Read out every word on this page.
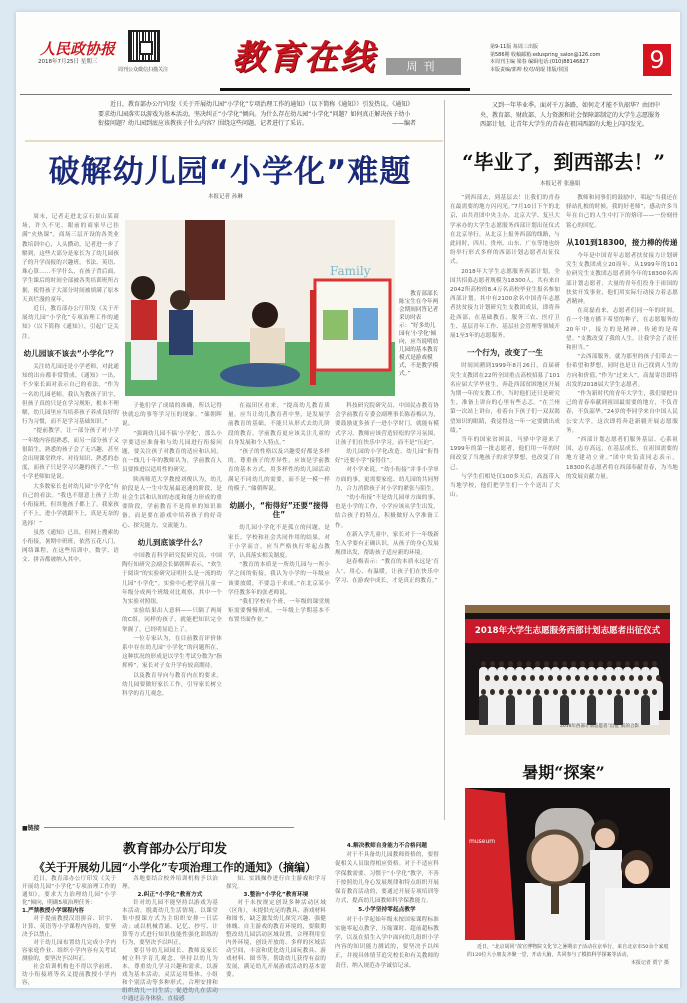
人民政协报
2018年7月25日 星期三
周刊公众微信扫描关注 教育在线	周刊
第9-11版 每周三出版
第586期 收稿邮箱:eduspring_salon@126.com
本周刊主编 梁春 编辑电话:(010)88146827
本版责编/郭帅 校对/胡琨 排版/侯国	9
近日，教育部办公厅印发《关于开展幼儿园“小学化”专项治理工作的通知》（以下简称《通知》）引发热议。《通知》要求幼儿园落实以游戏为基本活动，坚决纠正“小学化”倾向。为什么存在幼儿园“小学化”问题？如何真正解决孩子幼小衔接问题？幼儿园到底应该教孩子什么内容？围绕这些问题，记者进行了采访。	——编者
又到一年毕业季。面对千万条路，如何走才能不负韶华？由团中央、教育部、财政部、人力资源和社会保障部制定的大学生志愿服务西部计划，让青年大学生的青春在祖国西部的大地上闪闪发光。
破解幼儿园“小学化”难题
本报记者 孙琳
Family
教育部部长陈宝生在今年两会期间回答记者采访时表示：“好多幼儿园有‘小学化’倾向，应当说明幼儿园的基本教育模式是游戏模式，不是教学模式。”

周末，记者走进北京石景山某商场，许久不见，眼前的商家早已挂满“火热课”，商场三层开设的各类业教培训中心，人头攒动，记者进一步了解到，这些大部分是家长为了幼儿园孩子的升学而报的兴趣班，书法、英语、珠心算……不学什么，在孩子背后面，学生课后的时间全部被各类培训班所占据，使得孩子大部分时间被填满了原本天真烂漫的童年。

近日，教育部办公厅印发《关于开展幼儿园“小学化”专项治理工作的通知》（以下简称《通知》），引起广泛关注。

幼儿园该不该去“小学化”？

关注幼儿园还是小学老师，对此通知的出台都非常赞成。《通知》一出，不少家长面对表示自己的看法。“作为一名幼儿园老师，我认为教孩子识字，但孩子真的只是在学习规矩，根本不理解，幼儿园里应当培养孩子养成良好的行为习惯，而不是学习基础知识。”

“提前教学，让一部分孩子对小学一年级内容很熟悉，而另一部分孩子又很陌生，熟悉的孩子会了无兴趣，甚至会出现课堂秩序、对待知识、熟悉的态度，而孩子只是学习兴趣的孩子。”一位小学老师如是说。

大多数家长也对幼儿园“小学化”有自己的看法。“我也不愿意上孩子上幼小衔接班，但其他孩子都上了，我家孩子不上，进小学就跟不上，真是无奈的选择！”

虽然《通知》已出，但网上搜索幼小衔接，暑期中班班，依然五花八门，网络课程，在这些培训中，数学、语文、拼音都被纳入其中。

子他们学了成绩的准确，所以记得快就忘的事等学习压的现象。“储朝晖说。

“强调幼儿园不搞‘小学化’，那么小学要适应准备和与幼儿园进行衔接问题，要关注孩子对教育的适应和认同，在一线几十年的教师认为，学前教育人员要推进以适用性的研究。

陕西师范大学教授刘俊认为，幼儿阶段是人一生中发展最迅速的阶段，是社会生活和认知的态度和能力形成的重要阶段，学前教育不是简单的知识准备，而是要在游戏中培养孩子的好奇心、探究能力、交流能力。

幼儿到底该学什么？

中国教育科学研究院研究员、中国陶行知研究会副会长储朝晖表示，“欢生于阅读”的实验研究证明什么是一流的幼儿园“小学化”。实验中心把学前儿童一年级分成两个班级对比观察，其中一个为实验对照组。

实验结果出人意料——只隔了两周的C组，同样的孩子，就能把知识完全掌握了，已经明显追上了。

一位专家认为，在目前教育评价体系中存在幼儿园“小学化”的问题所在，这种状况的形成是以学生考试分数为“指挥棒”，家长对子女升学有较高期待。

以及教育导向与教育内在的要求，幼儿园要做好家长工作，引导家长树立科学的育儿观念。

在福田区看来，“提高幼儿教育质量，应当让幼儿教育者中坚，是发展学前教育的基础，不能只从形式去幼儿阶段的教育，学前教育更应该关注儿童的自身发展和个人特点。”

“孩子的性格以及兴趣爱好都是多样的。尊重孩子的差异性，应该是学前教育的基本方式，用多样性的幼儿园活动满足不同幼儿的需要，而不是一模一样的模子。”储朝晖说。

幼剧小，“衔得好”还要“接得住”

幼儿园小学化不是孤立的问题，是家长、学校和社会共同作用的结果。对于小学而言，应当严格执行零起点教学，认真落实相关制度。

“教育的本质是一所幼儿园与一所小学之间的衔接，我认为小学的一年级应该要放缓，不要急于求成。”在北京某小学任教多年的张老师说。

“我们学校有个班，一年级的课堂规矩需要慢慢形成，一年级上学期基本不布置书面作业。”

科技研究院研究员、中国民办教育协会学前教育专委会副理事长陈春梅认为，要鼓励更多孩子一进小学时门，就能有模式学习。教师应该营造轻松的学习氛围，让孩子们在快乐中学习，而不是“压迫”。

幼儿园的小学化改造，幼儿园“衔得好”还要小学“接得住”。

对小学来说，“幼小衔接”并非小学单方面的事，更需要家庭、幼儿园的共同努力，合力消除孩子对小学的紧张与陌生。

“幼小衔接”不是幼儿园单方面的事，也是小学的工作，小学应该从学生出发，结合孩子的特点，积极做好入学准备工作。

在新入学儿童中，家长对于一年级新生入学要有正确认识，从孩子的身心发展规律出发，帮助孩子适应新的环境。

赵春梅表示：“教育的本质永远是‘育人’，用心、有温暖，让孩子们在快乐中学习、在游戏中成长，才是真正的教育。”

■链接
教育部办公厅印发
《关于开展幼儿园“小学化”专项治理工作的通知》（摘编）

近日，教育部办公厅印发《关于开展幼儿园“小学化”专项治理工作的通知》，要求大力治理幼儿园“小学化”倾向，明确5项治理任务：

1.严禁教授小学课程内容

对于提前教授汉语拼音、识字、计算、英语等小学课程内容的，要坚决予以禁止。

对于幼儿园布置幼儿完成小学内容家庭作业、组织小学内容有关考试测验的，要坚决予以纠正。

社会培训机构也不得以学前班、幼小衔接班等名义提前教授小学内容，

各地要结合校外培训机构予以治理。

2.纠正“小学化”教育方式

针对幼儿园不能坚持以游戏为基本活动，脱离幼儿生活情境，以课堂集中授课方式为主组织安排一日活动；或以机械背诵、记忆、抄写、计算等方式进行知识技能性强化训练的行为，要坚决予以纠正。

要引导幼儿园园长、教师及家长树立科学育儿观念，坚持以幼儿为本，尊重幼儿学习兴趣和需求，以游戏为基本活动，灵活运用集体、小组和个别活动等多种形式，合理安排和组织幼儿一日生活，促进幼儿在活动中通过亲身体验、直接感

知、实践操作进行自主游戏和学习探究。

3.整治“小学化”教育环境

对于未按规定创设多种活动区域（区角），未提供充足的教具、游戏材料和图书，缺乏激发幼儿探究兴趣、强健体魄、自主游戏的教育环境的，要限期整改幼儿园活动区域设置，合理利用室内外环境，创设开放的、多样的区域活动空间，丰富和优化幼儿园玩教具、游戏材料、图书等，帮助幼儿获得有益的发展，满足幼儿开展游戏活动的基本需要。

4.解决教师自身能力不合格问题

对于不具备幼儿园教师资格的，要督促相关人员取得相应资格。对于不适应科学保教需要、习惯于“小学化”教学，不善于按照幼儿身心发展规律和特点组织开展保育教育活动的，要通过开展专项培训等方式，提高幼儿园教师科学保教能力。

5.小学坚持零起点教学

对于小学起始年级未按国家课程标准实施零起点教学，压缩课时、超前超标教学，以及在招生入学中面向幼儿组织小学内容的知识能力测试的，要坚决予以纠正，并视具体情节追究校长和有关教师的责任，纳入规范办学诚信记录。

“毕业了，到西部去！”
本报记者 张惠娟

“到西部去，到基层去！让我们的青春在最需要的地方闪闪光。”7月10日下午的北京，由共青团中央主办，北京大学、复旦大学承办的大学生志愿服务西部计划出征仪式在北京举行，从北京上报务西部的线路，与此同时，四川、贵州、山东、广东等地也纷纷举行形式多样的西部计划志愿者出征仪式。

2018年大学生志愿服务西部计划，全国共招募志愿者规模为18300人，共有来自2042所高校的8.4万名高校毕业生报名参加西部计划。其中有2100余名中国青年志愿者扶贫接力计划研究生支教团成员，即将奔赴西部，在基础教育、服务三农、医疗卫生、基层青年工作、基层社会管理等领域开展1至3年的志愿服务。

一个行为，改变了一生

时间回溯到1999年8月26日，首届研究生支教团在22所全国重点高校招募了101名应届大学毕业生，奔赴西部贫困地区开展为期一年的支教工作，当时他们还只是研究生，准备上讲台的心里有些忐忑。“在兰州第一次站上讲台，看着台下孩子们一双双渴望知识的眼睛，我觉得这一年一定要做出成绩。”

当年的国家贫困县，马驿中学迎来了1999年的第一批志愿者，他们用一年的时间改变了当地孩子的求学梦想，也改变了自己。

与学生们相处仅100多天后，高磊带入当地学校，他们把学生们一个个送出了大山。

教师和同事们的鼓励中，唱起“当我还在驿站扎根的时候，我的好老师”，感动许多当年在自己的人生中打下的烙印——一份刻骨铭心的回忆。

从101到18300，接力棒的传递

今年是中国青年志愿者扶贫接力计划研究生支教团成立20周年。从1999年的101位研究生支教团志愿者到今年的18300名西部计划志愿者，大量的青年们投身于祖国的扶贫开发事业，他们用实际行动接力着志愿者精神。

在高磊看来，志愿者们同一年的时间，在一个地方播下希望的种子，在志愿服务的20年中，接力的是精神，传递的是希望。“支教改变了我的人生，让我学会了责任和担当。”

“去西部服务，就为那里的孩子们带去一份希望和梦想，同时也是让自己找到人生的方向和价值。”作为“过来人”，高磊寄语即将出发的2018届大学生志愿者。

“作为新时代的青年大学生，我们要把自己的青春奉献到祖国最需要的地方，不负青春，不负韶华。”24岁的李同学来自中国人民公安大学，这次即将奔赴新疆开展志愿服务。

“西部计划志愿者们服务基层、心系祖国，志存高远，在基层成长，在祖国需要的地方建功立业。”团中央负责同志表示，18300名志愿者将在西部奉献青春，为当地的发展贡献力量。

2018年大学生志愿服务西部计划志愿者出征仪式
2018年西部计划志愿者“出征”前的合影
暑期“探案”
museum
近日，“北京胡同”故宫博物院文化节之暑期亲子活动在京举行，来自北京市50余个家庭的120位大小朋友齐聚一堂，开动大脑，共同参与了模拟科学探案等活动。
本报记者 贾宁 摄
